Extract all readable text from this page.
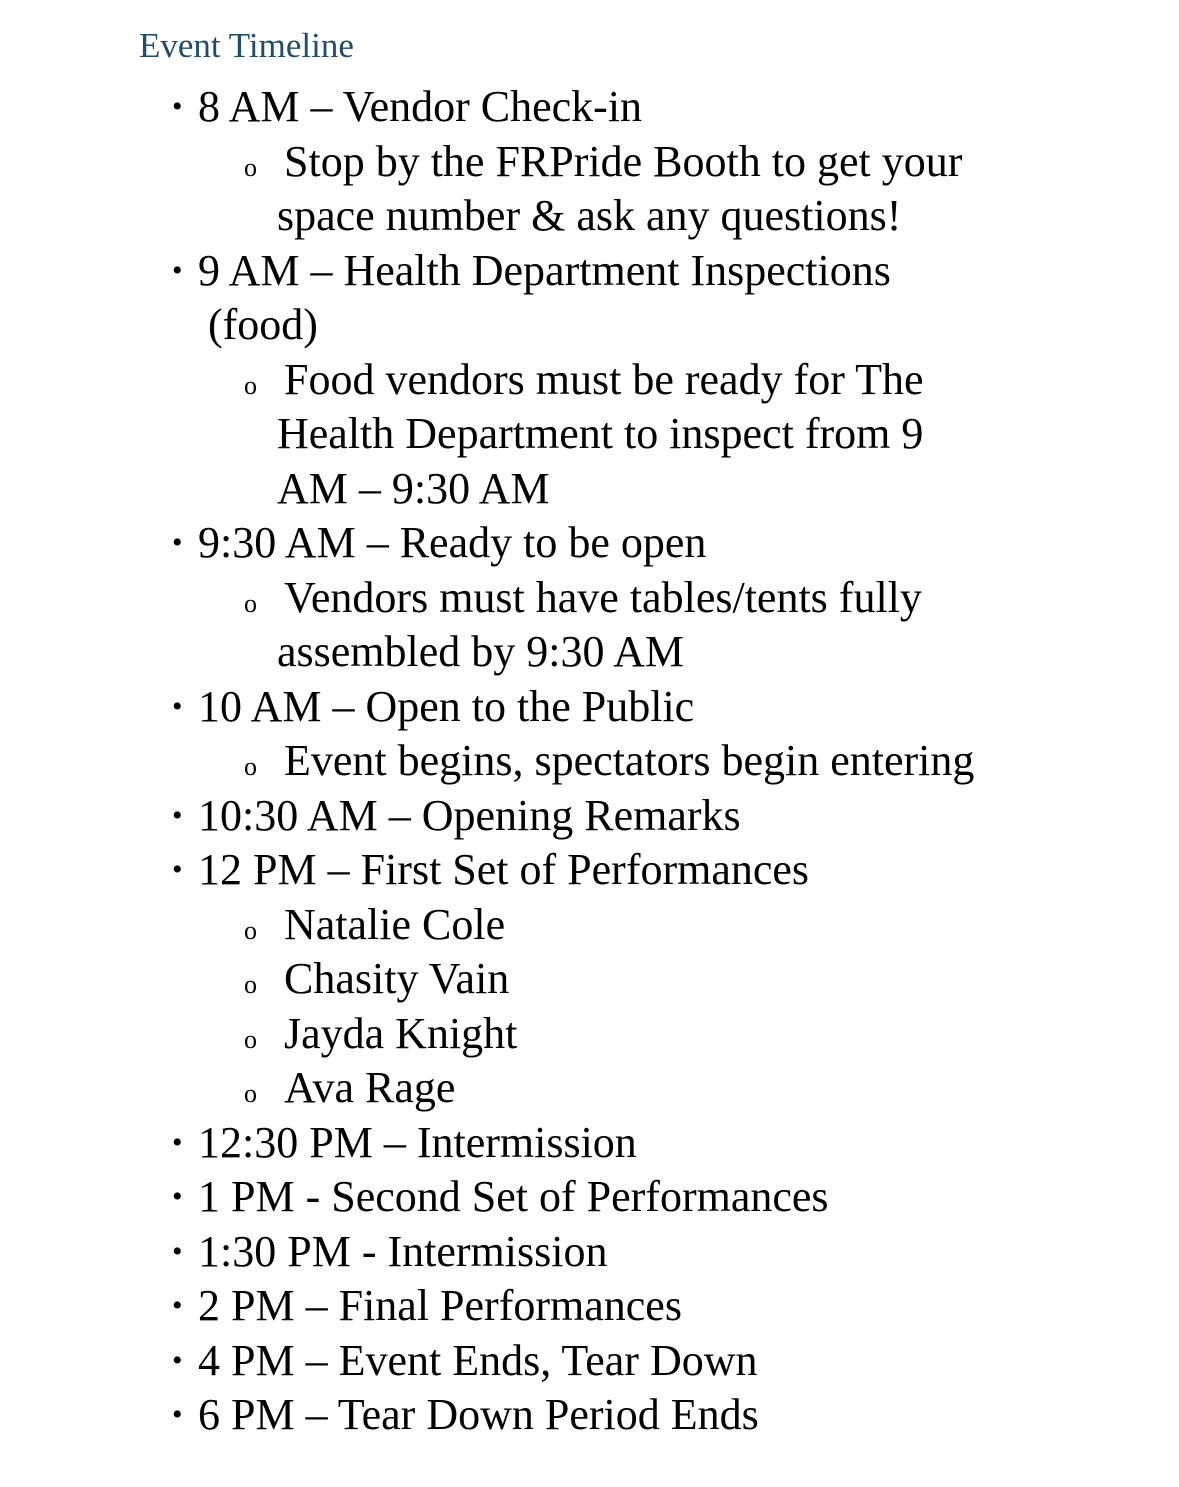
Event Timeline
• 8 AM – Vendor Check-in
o Stop by the FRPride Booth to get your
space number & ask any questions!
• 9 AM – Health Department Inspections
(food)
o Food vendors must be ready for The
Health Department to inspect from 9
AM – 9:30 AM
• 9:30 AM – Ready to be open
o Vendors must have tables/tents fully
assembled by 9:30 AM
• 10 AM – Open to the Public
o Event begins, spectators begin entering
• 10:30 AM – Opening Remarks
• 12 PM – First Set of Performances
o Natalie Cole
o Chasity Vain
o Jayda Knight
o Ava Rage
• 12:30 PM – Intermission
• 1 PM - Second Set of Performances
• 1:30 PM - Intermission
• 2 PM – Final Performances
• 4 PM – Event Ends, Tear Down
• 6 PM – Tear Down Period Ends
